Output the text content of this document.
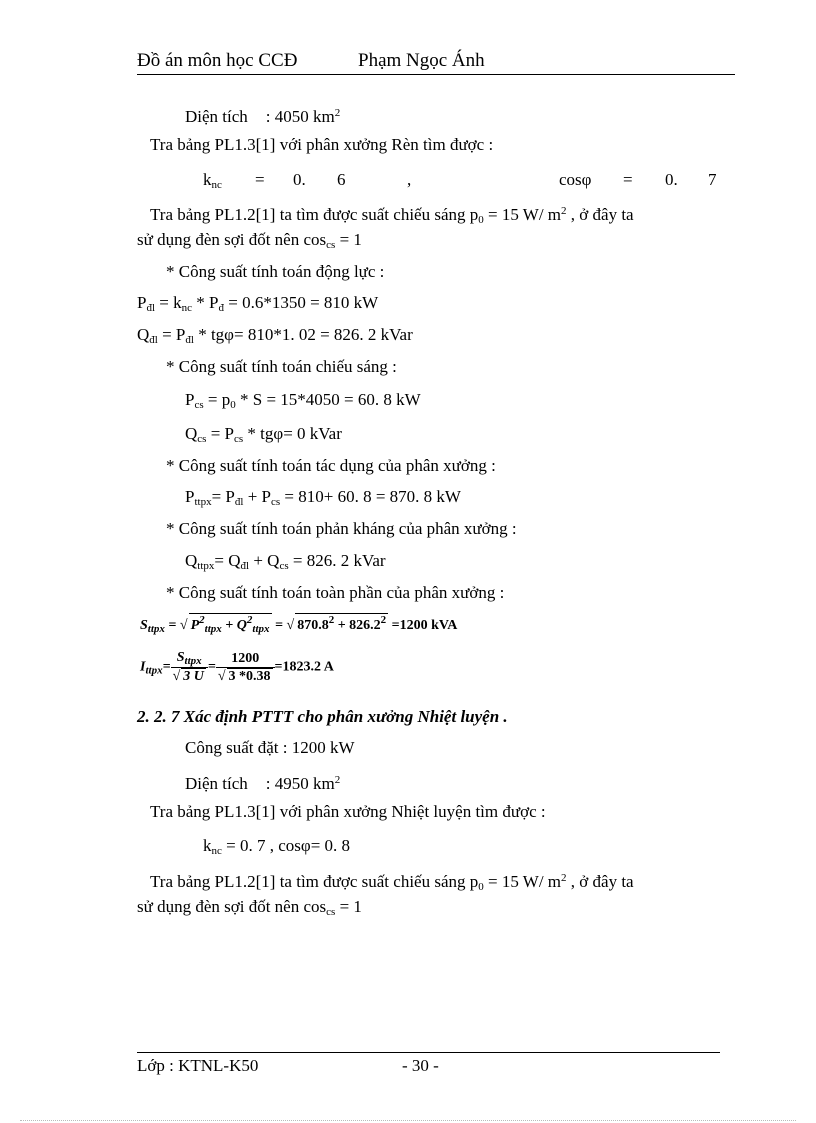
Đồ án môn học CCĐ	Phạm Ngọc Ánh
Diện tích : 4050 $km^2$
Tra bảng PL1.3[1] với phân xưởng Rèn tìm được :
$k_{nc} = 0$. 6	,	cosφ = 0. 7
Tra bảng PL1.2[1] ta tìm được suất chiếu sáng $p_0 = 15$ W/ $m^2$ , ở đây ta
sử dụng đèn sợi đốt nên $\cos_{cs} = 1$
* Công suất tính toán động lực :
$P_{đl} = k_{nc} * P_đ = 0.6*1350 = 810$ kW
$Q_{đl} = P_{đl} * tg\varphi= 810*1$. 02 = 826. 2 kVar
* Công suất tính toán chiếu sáng :
$P_{cs} = p_0 * S = 15*4050 = 60$. 8 kW
$Q_{cs} = P_{cs} * tg\varphi= 0$ kVar
* Công suất tính toán tác dụng của phân xưởng :
$P_{ttpx}= P_{đl} + P_{cs} = 810+ 60$. 8 = 870. 8 kW
* Công suất tính toán phản kháng của phân xưởng :
$Q_{ttpx}= Q_{đl} + Q_{cs} = 826$. 2 kVar
* Công suất tính toán toàn phần của phân xưởng :
$S_{ttpx}$ = √ $P^2_{ttpx} + Q^2_{ttpx}$ = √ $870.8^2 + 826.2^2 =1200$ kVA
$I_{ttpx}= \frac{S_{ttpx}}{√ 3 U} = \frac{1200}{√ 3 *0.38} =1823.2$ A
2. 2. 7 Xác định PTTT cho phân xưởng Nhiệt luyện .
Công suất đặt : 1200 kW
Diện tích : 4950 $km^2$
Tra bảng PL1.3[1] với phân xưởng Nhiệt luyện tìm được :
$k_{nc} = 0$. 7 , cosφ= 0. 8
Tra bảng PL1.2[1] ta tìm được suất chiếu sáng $p_0 = 15$ W/ $m^2$ , ở đây ta
sử dụng đèn sợi đốt nên $\cos_{cs} = 1$
Lớp : KTNL-K50	- 30 -
